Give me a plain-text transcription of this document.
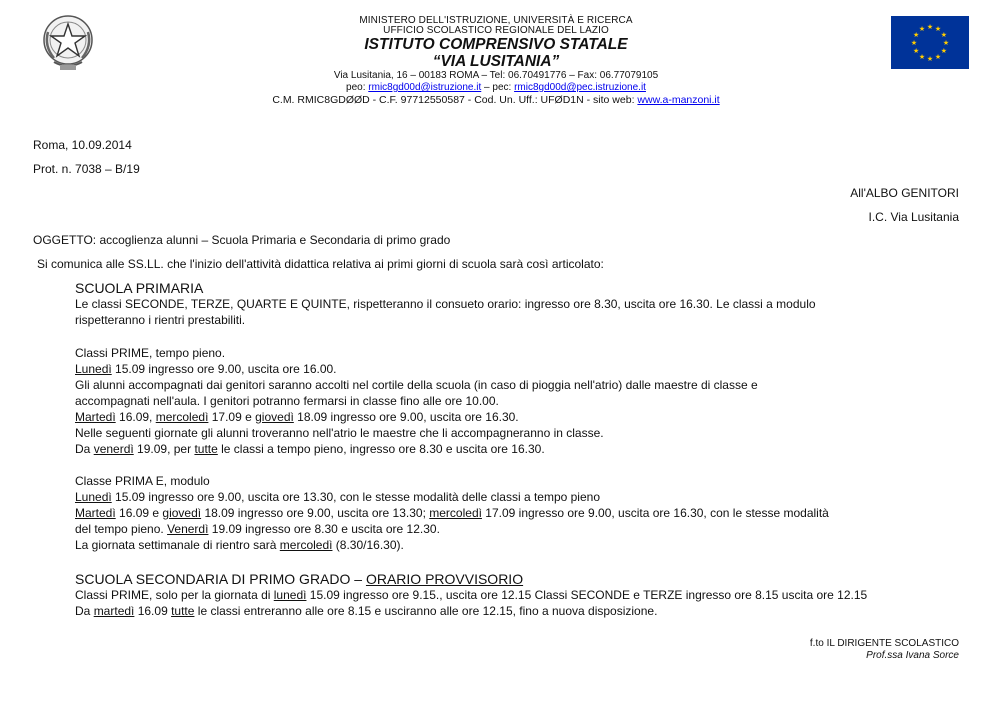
MINISTERO DELL'ISTRUZIONE, UNIVERSITÀ E RICERCA
UFFICIO SCOLASTICO REGIONALE DEL LAZIO
ISTITUTO COMPRENSIVO STATALE
“VIA LUSITANIA”
Via Lusitania, 16 – 00183 ROMA – Tel: 06.70491776 – Fax: 06.77079105
peo: rmic8gd00d@istruzione.it – pec: rmic8gd00d@pec.istruzione.it
C.M. RMIC8GDØØD - C.F. 97712550587 - Cod. Un. Uff.: UFØD1N - sito web: www.a-manzoni.it
★ ★
★
★
★
★
★
★
★
★
★
★
Roma, 10.09.2014
Prot. n. 7038 – B/19
All'ALBO GENITORI
I.C. Via Lusitania
OGGETTO: accoglienza alunni – Scuola Primaria e Secondaria di primo grado
Si comunica alle SS.LL. che l'inizio dell'attività didattica relativa ai primi giorni di scuola sarà così articolato:
SCUOLA PRIMARIA
Le classi SECONDE, TERZE, QUARTE E QUINTE, rispetteranno il consueto orario: ingresso ore 8.30, uscita ore 16.30. Le classi a modulo
rispetteranno i rientri prestabiliti.
Classi PRIME, tempo pieno.
Lunedì 15.09 ingresso ore 9.00, uscita ore 16.00.
Gli alunni accompagnati dai genitori saranno accolti nel cortile della scuola (in caso di pioggia nell'atrio) dalle maestre di classe e
accompagnati nell'aula. I genitori potranno fermarsi in classe fino alle ore 10.00.
Martedì 16.09, mercoledì 17.09 e giovedì 18.09 ingresso ore 9.00, uscita ore 16.30.
Nelle seguenti giornate gli alunni troveranno nell'atrio le maestre che li accompagneranno in classe.
Da venerdì 19.09, per tutte le classi a tempo pieno, ingresso ore 8.30 e uscita ore 16.30.
Classe PRIMA E, modulo
Lunedì 15.09 ingresso ore 9.00, uscita ore 13.30, con le stesse modalità delle classi a tempo pieno
Martedì 16.09 e giovedì 18.09 ingresso ore 9.00, uscita ore 13.30; mercoledì 17.09 ingresso ore 9.00, uscita ore 16.30, con le stesse modalità
del tempo pieno. Venerdì 19.09 ingresso ore 8.30 e uscita ore 12.30.
La giornata settimanale di rientro sarà mercoledì (8.30/16.30).
SCUOLA SECONDARIA DI PRIMO GRADO – ORARIO PROVVISORIO
Classi PRIME, solo per la giornata di lunedì 15.09 ingresso ore 9.15., uscita ore 12.15 Classi SECONDE e TERZE ingresso ore 8.15 uscita ore 12.15
Da martedì 16.09 tutte le classi entreranno alle ore 8.15 e usciranno alle ore 12.15, fino a nuova disposizione.
f.to IL DIRIGENTE SCOLASTICO
Prof.ssa Ivana Sorce
